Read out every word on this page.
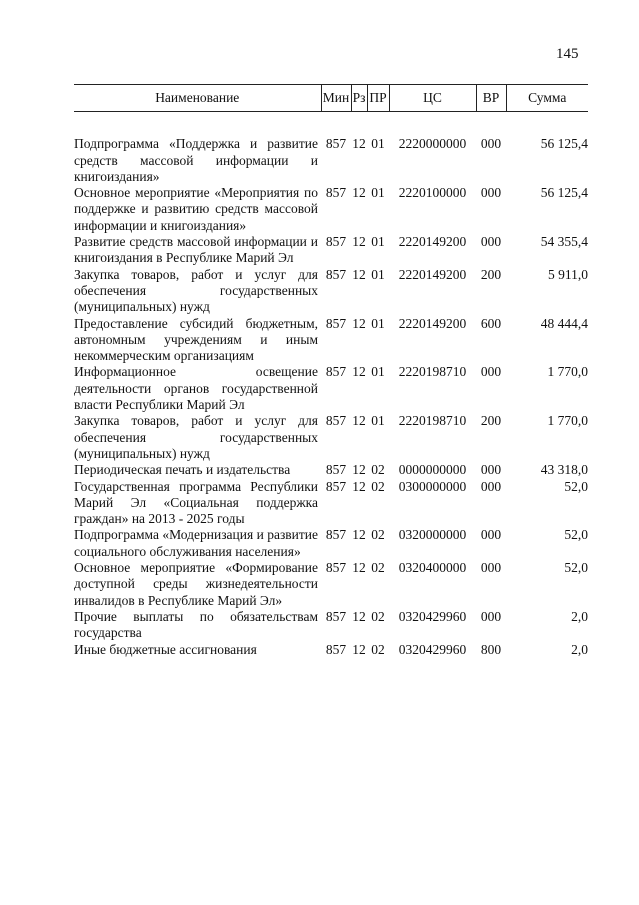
145
Наименование	Мин	Рз	ПР	ЦС	ВР	Сумма

Подпрограмма «Поддержка и развитие средств массовой информации и книгоиздания»	857	12	01	2220000000	000	56 125,4
Основное мероприятие «Мероприятия по поддержке и развитию средств массовой информации и книгоиздания»	857	12	01	2220100000	000	56 125,4
Развитие средств массовой информации и книгоиздания в Республике Марий Эл	857	12	01	2220149200	000	54 355,4
Закупка товаров, работ и услуг для обеспечения государственных (муниципальных) нужд	857	12	01	2220149200	200	5 911,0
Предоставление субсидий бюджетным, автономным учреждениям и иным некоммерческим организациям	857	12	01	2220149200	600	48 444,4
Информационное освещение деятельности органов государственной власти Республики Марий Эл	857	12	01	2220198710	000	1 770,0
Закупка товаров, работ и услуг для обеспечения государственных (муниципальных) нужд	857	12	01	2220198710	200	1 770,0
Периодическая печать и издательства	857	12	02	0000000000	000	43 318,0
Государственная программа Республики Марий Эл «Социальная поддержка граждан» на 2013 - 2025 годы	857	12	02	0300000000	000	52,0
Подпрограмма «Модернизация и развитие социального обслуживания населения»	857	12	02	0320000000	000	52,0
Основное мероприятие «Формирование доступной среды жизнедеятельности инвалидов в Республике Марий Эл»	857	12	02	0320400000	000	52,0
Прочие выплаты по обязательствам государства	857	12	02	0320429960	000	2,0
Иные бюджетные ассигнования	857	12	02	0320429960	800	2,0
